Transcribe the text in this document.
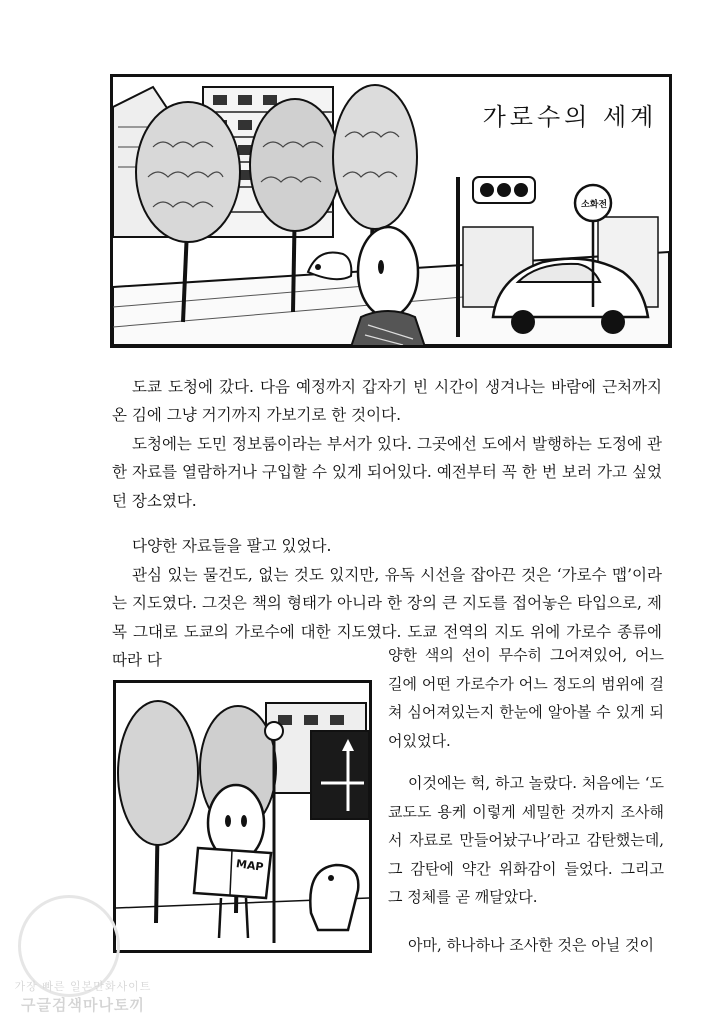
가로수의 세계
소화전

도쿄 도청에 갔다. 다음 예정까지 갑자기 빈 시간이 생겨나는 바람에 근처까지 온 김에 그냥 거기까지 가보기로 한 것이다.

도청에는 도민 정보룸이라는 부서가 있다. 그곳에선 도에서 발행하는 도정에 관한 자료를 열람하거나 구입할 수 있게 되어있다. 예전부터 꼭 한 번 보러 가고 싶었던 장소였다.

다양한 자료들을 팔고 있었다.

관심 있는 물건도, 없는 것도 있지만, 유독 시선을 잡아끈 것은 ‘가로수 맵’이라는 지도였다. 그것은 책의 형태가 아니라 한 장의 큰 지도를 접어놓은 타입으로, 제목 그대로 도쿄의 가로수에 대한 지도였다. 도쿄 전역의 지도 위에 가로수 종류에 따라 다

MAP

양한 색의 선이 무수히 그어져있어, 어느 길에 어떤 가로수가 어느 정도의 범위에 걸쳐 심어져있는지 한눈에 알아볼 수 있게 되어있었다.

이것에는 헉, 하고 놀랐다. 처음에는 ‘도쿄도도 용케 이렇게 세밀한 것까지 조사해서 자료로 만들어놨구나’라고 감탄했는데, 그 감탄에 약간 위화감이 들었다. 그리고 그 정체를 곧 깨달았다.

아마, 하나하나 조사한 것은 아닐 것이

가장 빠른 일본만화사이트
구글검색마나토끼
